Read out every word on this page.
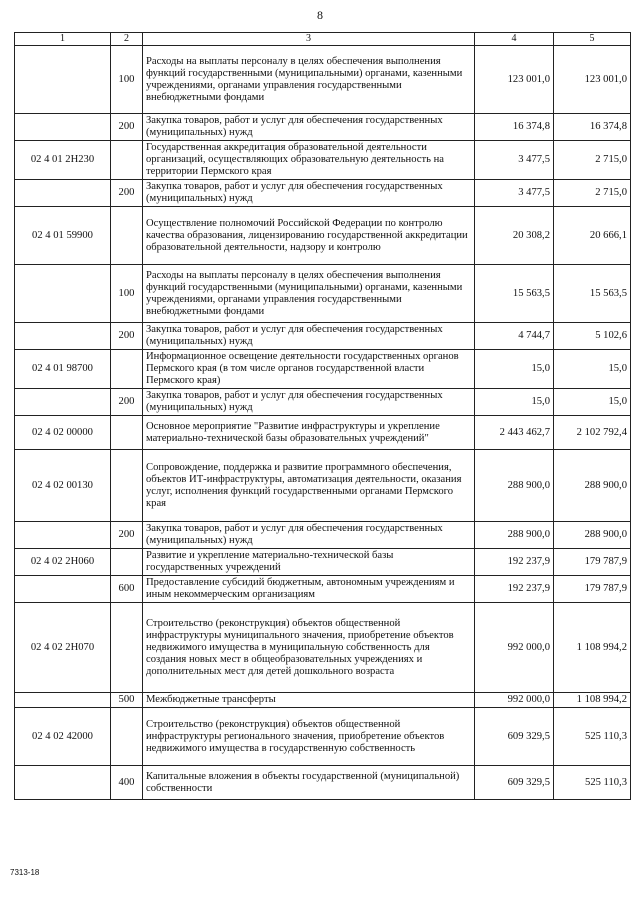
8
1	2	3	4	5
	100	Расходы на выплаты персоналу в целях обеспечения выполнения функций государственными (муниципальными) органами, казенными учреждениями, органами управления государственными внебюджетными фондами	123 001,0	123 001,0
	200	Закупка товаров, работ и услуг для обеспечения государственных (муниципальных) нужд	16 374,8	16 374,8
02 4 01 2Н230		Государственная аккредитация образовательной деятельности организаций, осуществляющих образовательную деятельность на территории Пермского края	3 477,5	2 715,0
	200	Закупка товаров, работ и услуг для обеспечения государственных (муниципальных) нужд	3 477,5	2 715,0
02 4 01 59900		Осуществление полномочий Российской Федерации по контролю качества образования, лицензированию государственной аккредитации образовательной деятельности, надзору и контролю	20 308,2	20 666,1
	100	Расходы на выплаты персоналу в целях обеспечения выполнения функций государственными (муниципальными) органами, казенными учреждениями, органами управления государственными внебюджетными фондами	15 563,5	15 563,5
	200	Закупка товаров, работ и услуг для обеспечения государственных (муниципальных) нужд	4 744,7	5 102,6
02 4 01 98700		Информационное освещение деятельности государственных органов Пермского края (в том числе органов государственной власти Пермского края)	15,0	15,0
	200	Закупка товаров, работ и услуг для обеспечения государственных (муниципальных) нужд	15,0	15,0
02 4 02 00000		Основное мероприятие "Развитие инфраструктуры и укрепление материально-технической базы образовательных учреждений"	2 443 462,7	2 102 792,4
02 4 02 00130		Сопровождение, поддержка и развитие программного обеспечения, объектов ИТ-инфраструктуры, автоматизация деятельности, оказания услуг, исполнения функций государственными органами Пермского края	288 900,0	288 900,0
	200	Закупка товаров, работ и услуг для обеспечения государственных (муниципальных) нужд	288 900,0	288 900,0
02 4 02 2Н060		Развитие и укрепление материально-технической базы государственных учреждений	192 237,9	179 787,9
	600	Предоставление субсидий бюджетным, автономным учреждениям и иным некоммерческим организациям	192 237,9	179 787,9
02 4 02 2Н070		Строительство (реконструкция) объектов общественной инфраструктуры муниципального значения, приобретение объектов недвижимого имущества в муниципальную собственность для создания новых мест в общеобразовательных учреждениях и дополнительных мест для детей дошкольного возраста	992 000,0	1 108 994,2
	500	Межбюджетные трансферты	992 000,0	1 108 994,2
02 4 02 42000		Строительство (реконструкция) объектов общественной инфраструктуры регионального значения, приобретение объектов недвижимого имущества в государственную собственность	609 329,5	525 110,3
	400	Капитальные вложения в объекты государственной (муниципальной) собственности	609 329,5	525 110,3
7313-18
